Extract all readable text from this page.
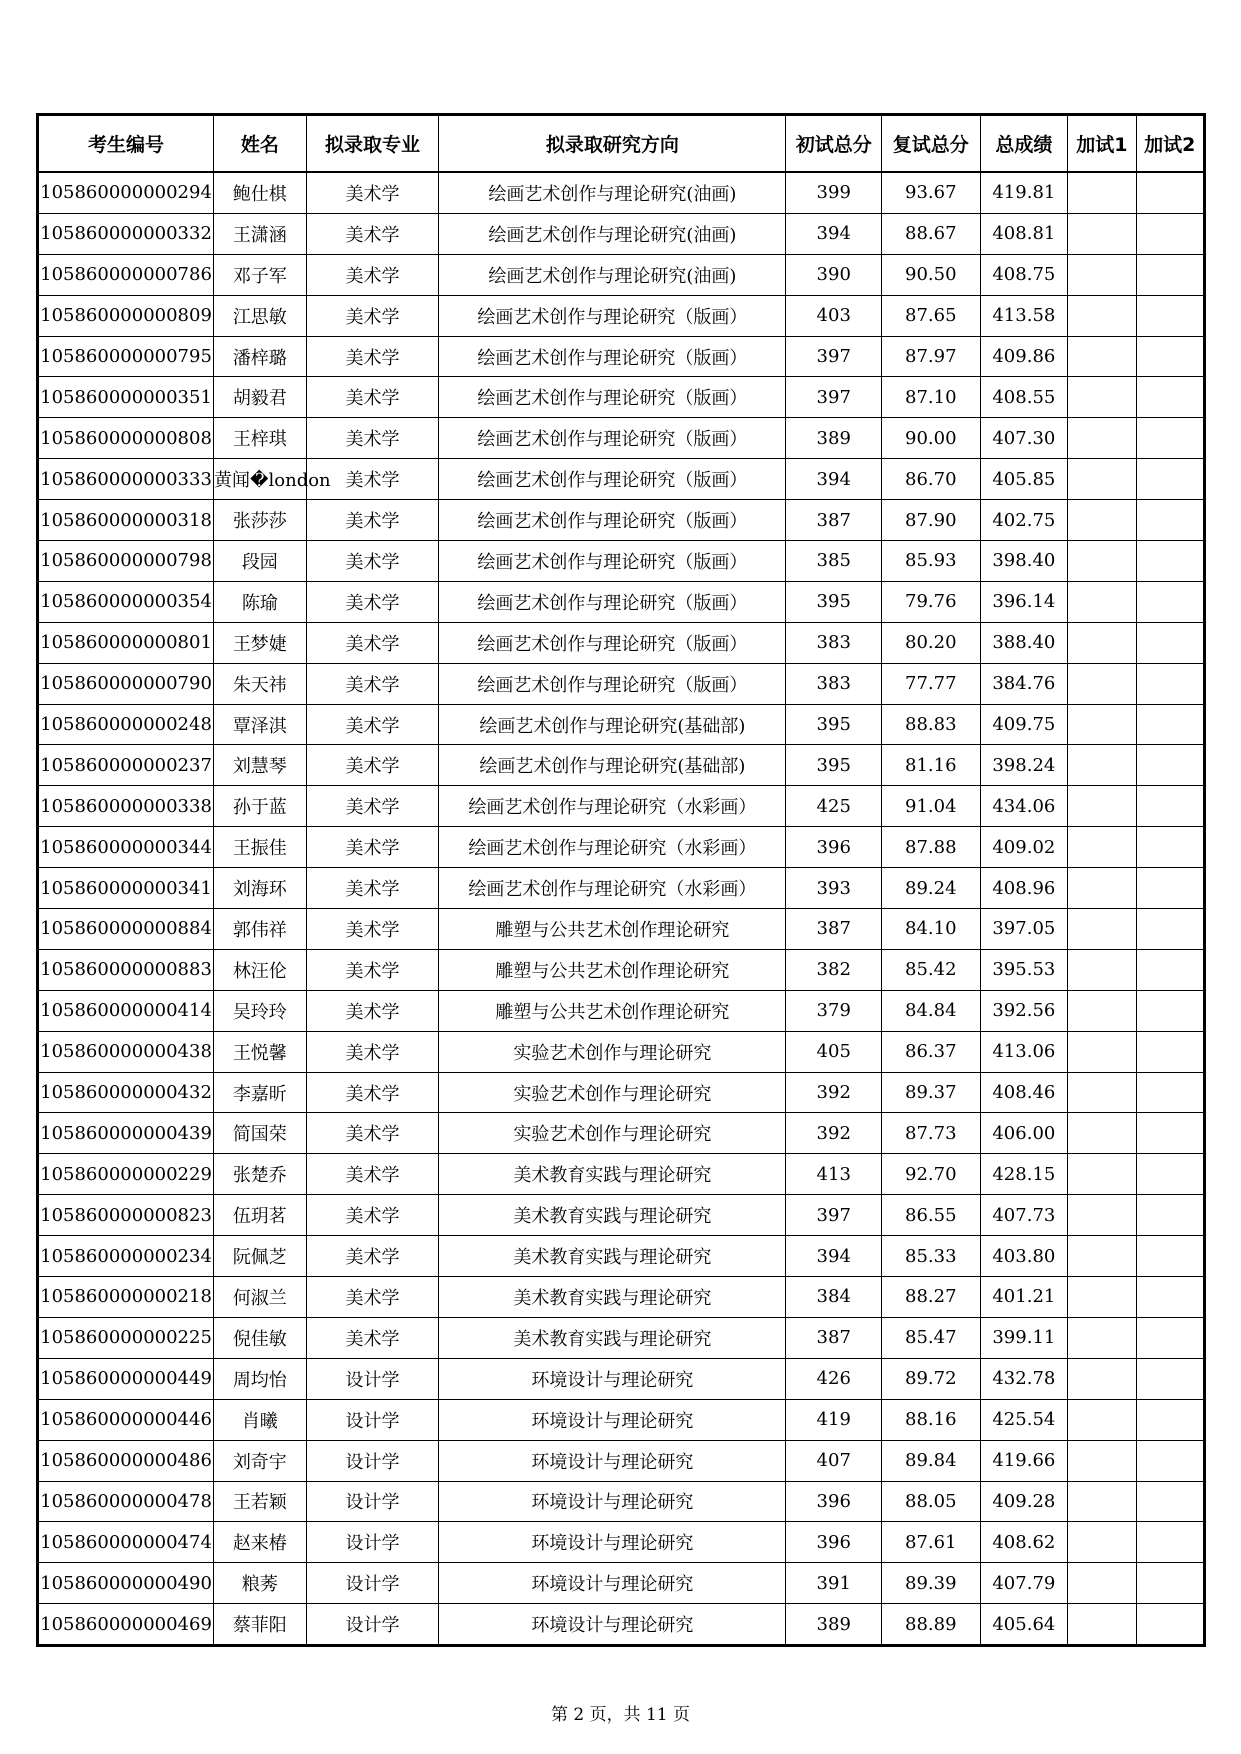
考生编号	姓名	拟录取专业	拟录取研究方向	初试总分	复试总分	总成绩	加试1	加试2
105860000000294	鲍仕棋	美术学	绘画艺术创作与理论研究(油画)	399	93.67	419.81		
105860000000332	王潇涵	美术学	绘画艺术创作与理论研究(油画)	394	88.67	408.81		
105860000000786	邓子军	美术学	绘画艺术创作与理论研究(油画)	390	90.50	408.75		
105860000000809	江思敏	美术学	绘画艺术创作与理论研究（版画）	403	87.65	413.58		
105860000000795	潘梓璐	美术学	绘画艺术创作与理论研究（版画）	397	87.97	409.86		
105860000000351	胡毅君	美术学	绘画艺术创作与理论研究（版画）	397	87.10	408.55		
105860000000808	王梓琪	美术学	绘画艺术创作与理论研究（版画）	389	90.00	407.30		
105860000000333	黄闻�london	美术学	绘画艺术创作与理论研究（版画）	394	86.70	405.85		
105860000000318	张莎莎	美术学	绘画艺术创作与理论研究（版画）	387	87.90	402.75		
105860000000798	段园	美术学	绘画艺术创作与理论研究（版画）	385	85.93	398.40		
105860000000354	陈瑜	美术学	绘画艺术创作与理论研究（版画）	395	79.76	396.14		
105860000000801	王梦婕	美术学	绘画艺术创作与理论研究（版画）	383	80.20	388.40		
105860000000790	朱天祎	美术学	绘画艺术创作与理论研究（版画）	383	77.77	384.76		
105860000000248	覃泽淇	美术学	绘画艺术创作与理论研究(基础部)	395	88.83	409.75		
105860000000237	刘慧琴	美术学	绘画艺术创作与理论研究(基础部)	395	81.16	398.24		
105860000000338	孙于蓝	美术学	绘画艺术创作与理论研究（水彩画）	425	91.04	434.06		
105860000000344	王振佳	美术学	绘画艺术创作与理论研究（水彩画）	396	87.88	409.02		
105860000000341	刘海环	美术学	绘画艺术创作与理论研究（水彩画）	393	89.24	408.96		
105860000000884	郭伟祥	美术学	雕塑与公共艺术创作理论研究	387	84.10	397.05		
105860000000883	林汪伦	美术学	雕塑与公共艺术创作理论研究	382	85.42	395.53		
105860000000414	吴玲玲	美术学	雕塑与公共艺术创作理论研究	379	84.84	392.56		
105860000000438	王悦馨	美术学	实验艺术创作与理论研究	405	86.37	413.06		
105860000000432	李嘉昕	美术学	实验艺术创作与理论研究	392	89.37	408.46		
105860000000439	简国荣	美术学	实验艺术创作与理论研究	392	87.73	406.00		
105860000000229	张楚乔	美术学	美术教育实践与理论研究	413	92.70	428.15		
105860000000823	伍玥茗	美术学	美术教育实践与理论研究	397	86.55	407.73		
105860000000234	阮佩芝	美术学	美术教育实践与理论研究	394	85.33	403.80		
105860000000218	何淑兰	美术学	美术教育实践与理论研究	384	88.27	401.21		
105860000000225	倪佳敏	美术学	美术教育实践与理论研究	387	85.47	399.11		
105860000000449	周均怡	设计学	环境设计与理论研究	426	89.72	432.78		
105860000000446	肖曦	设计学	环境设计与理论研究	419	88.16	425.54		
105860000000486	刘奇宇	设计学	环境设计与理论研究	407	89.84	419.66		
105860000000478	王若颖	设计学	环境设计与理论研究	396	88.05	409.28		
105860000000474	赵来椿	设计学	环境设计与理论研究	396	87.61	408.62		
105860000000490	粮莠	设计学	环境设计与理论研究	391	89.39	407.79		
105860000000469	蔡菲阳	设计学	环境设计与理论研究	389	88.89	405.64		
第 2 页，共 11 页
